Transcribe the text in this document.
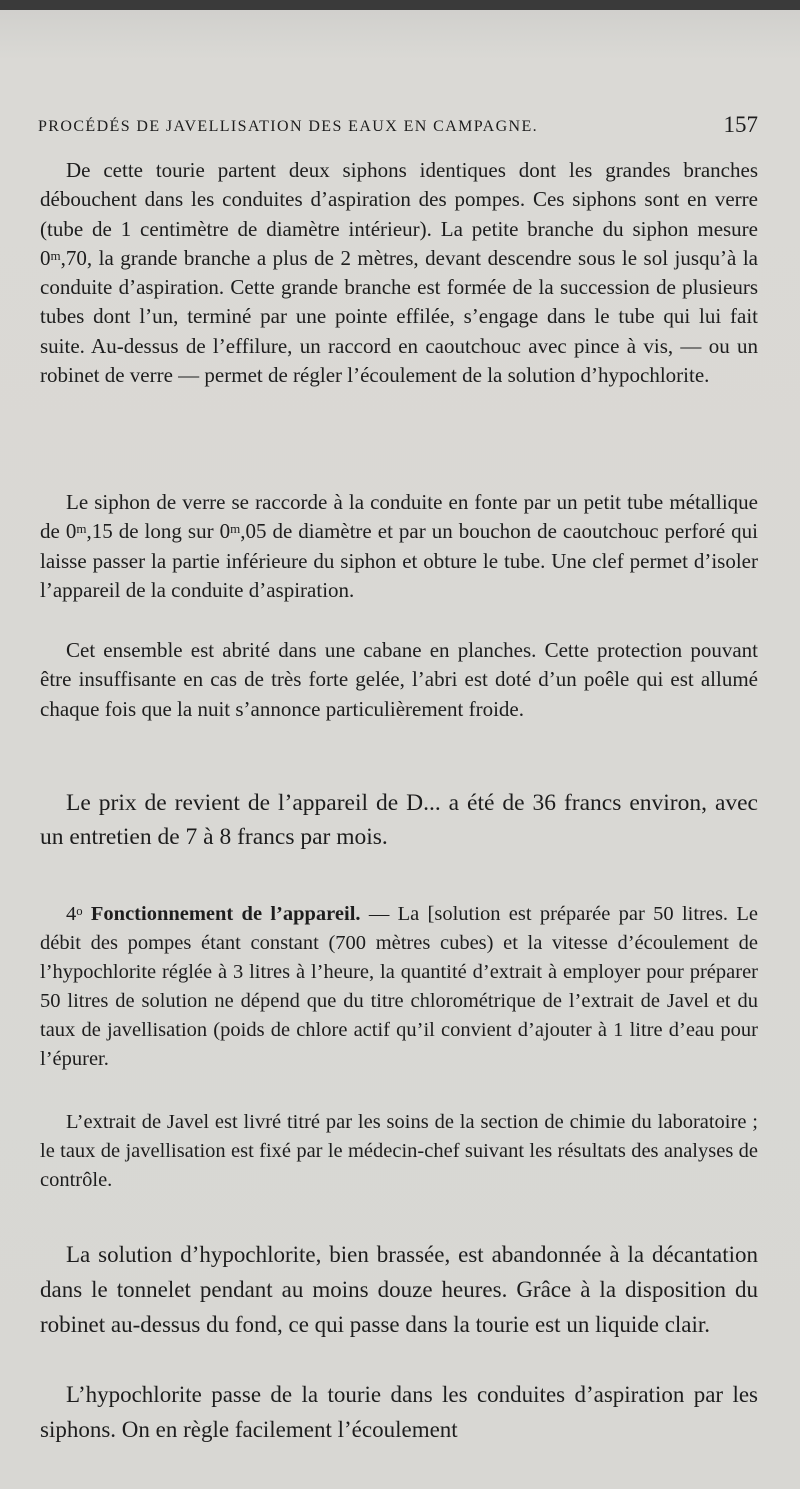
PROCÉDÉS DE JAVELLISATION DES EAUX EN CAMPAGNE.	157
De cette tourie partent deux siphons identiques dont les grandes branches débouchent dans les conduites d’aspiration des pompes. Ces siphons sont en verre (tube de 1 centimètre de diamètre intérieur). La petite branche du siphon mesure 0$^m$,70, la grande branche a plus de 2 mètres, devant descendre sous le sol jusqu’à la conduite d’aspiration. Cette grande branche est formée de la succession de plusieurs tubes dont l’un, terminé par une pointe effilée, s’engage dans le tube qui lui fait suite. Au-dessus de l’effilure, un raccord en caoutchouc avec pince à vis, — ou un robinet de verre — permet de régler l’écoulement de la solution d’hypochlorite.
Le siphon de verre se raccorde à la conduite en fonte par un petit tube métallique de 0$^m$,15 de long sur 0$^m$,05 de diamètre et par un bouchon de caoutchouc perforé qui laisse passer la partie inférieure du siphon et obture le tube. Une clef permet d’isoler l’appareil de la conduite d’aspiration.
Cet ensemble est abrité dans une cabane en planches. Cette protection pouvant être insuffisante en cas de très forte gelée, l’abri est doté d’un poêle qui est allumé chaque fois que la nuit s’annonce particulièrement froide.
Le prix de revient de l’appareil de D... a été de 36 francs environ, avec un entretien de 7 à 8 francs par mois.
4$^o$ Fonctionnement de l’appareil. — La [solution est préparée par 50 litres. Le débit des pompes étant constant (700 mètres cubes) et la vitesse d’écoulement de l’hypochlorite réglée à 3 litres à l’heure, la quantité d’extrait à employer pour préparer 50 litres de solution ne dépend que du titre chlorométrique de l’extrait de Javel et du taux de javellisation (poids de chlore actif qu’il convient d’ajouter à 1 litre d’eau pour l’épurer.
L’extrait de Javel est livré titré par les soins de la section de chimie du laboratoire ; le taux de javellisation est fixé par le médecin-chef suivant les résultats des analyses de contrôle.
La solution d’hypochlorite, bien brassée, est abandonnée à la décantation dans le tonnelet pendant au moins douze heures. Grâce à la disposition du robinet au-dessus du fond, ce qui passe dans la tourie est un liquide clair.
L’hypochlorite passe de la tourie dans les conduites d’aspiration par les siphons. On en règle facilement l’écoulement
